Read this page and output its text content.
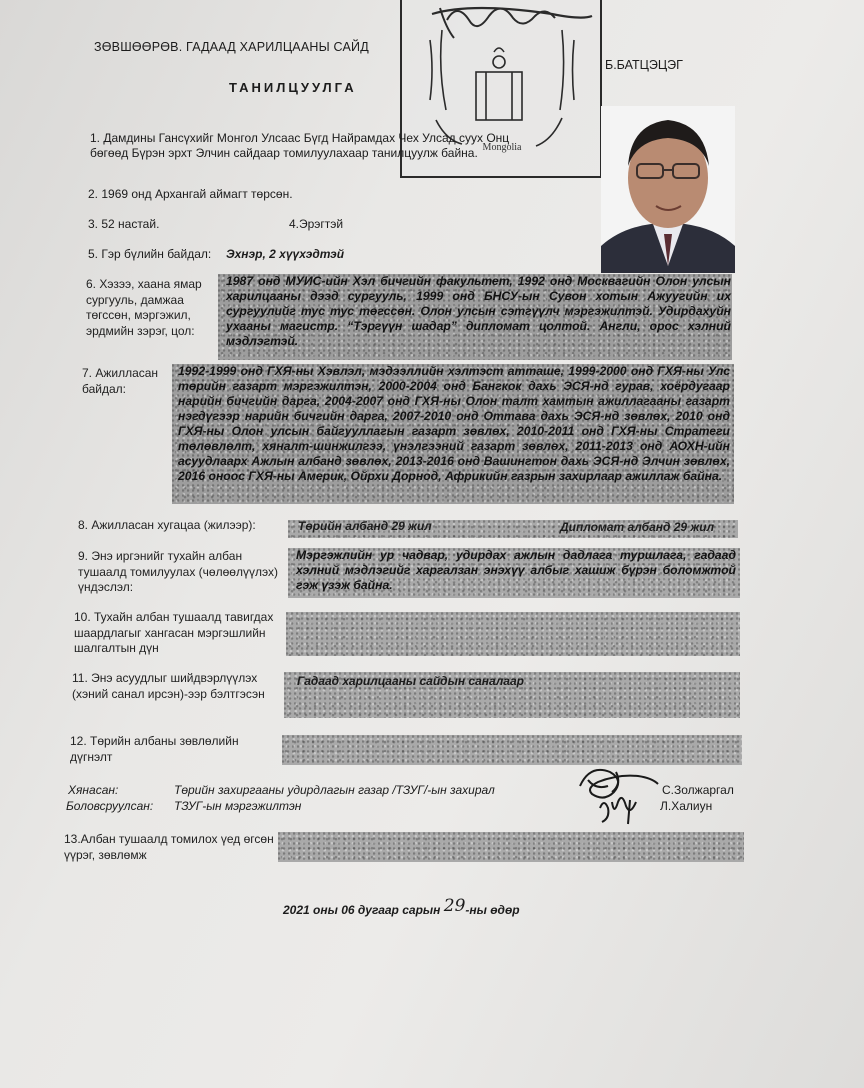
ЗӨВШӨӨРӨВ. ГАДААД ХАРИЛЦААНЫ САЙД
Б.БАТЦЭЦЭГ
ТАНИЛЦУУЛГА
Mongolia
1. Дамдины Гансүхийг Монгол Улсаас Бүгд Найрамдах Чех Улсад суух Онц бөгөөд Бүрэн эрхт Элчин сайдаар томилуулахаар танилцуулж байна.
2. 1969 онд Архангай аймагт төрсөн.
3. 52 настай.	4.Эрэгтэй
5. Гэр бүлийн байдал: Эхнэр, 2 хүүхэдтэй
6. Хэзээ, хаана ямар сургууль, дамжаа төгссөн, мэргэжил, эрдмийн зэрэг, цол:

1987 онд МУИС-ийн Хэл бичгийн факультет, 1992 онд Москвагийн Олон улсын харилцааны дээд сургууль, 1999 онд БНСУ-ын Сувон хотын Ажуугийн их сургуулийг тус тус төгссөн. Олон улсын сэтгүүлч мэргэжилтэй. Удирдахуйн ухааны магистр. “Тэргүүн шадар” дипломат цолтой. Англи, орос хэлний мэдлэгтэй.

7. Ажилласан байдал:

1992-1999 онд ГХЯ-ны Хэвлэл, мэдээллийн хэлтэст атташе, 1999-2000 онд ГХЯ-ны Улс төрийн газарт мэргэжилтэн, 2000-2004 онд Бангкок дахь ЭСЯ-нд гурав, хоёрдугаар нарийн бичгийн дарга, 2004-2007 онд ГХЯ-ны Олон талт хамтын ажиллагааны газарт нэгдүгээр нарийн бичгийн дарга, 2007-2010 онд Оттава дахь ЭСЯ-нд зөвлөх, 2010 онд ГХЯ-ны Олон улсын байгууллагын газарт зөвлөх, 2010-2011 онд ГХЯ-ны Стратеги төлөвлөлт, хяналт-шинжилгээ, үнэлгээний газарт зөвлөх, 2011-2013 онд АОХН-ийн асуудлаарх Ажлын албанд зөвлөх, 2013-2016 онд Вашингтон дахь ЭСЯ-нд Элчин зөвлөх, 2016 оноос ГХЯ-ны Америк, Ойрхи Дорнод, Африкийн газрын захирлаар ажиллаж байна.

8. Ажилласан хугацаа (жилээр):	Төрийн албанд 29 жил	Дипломат албанд 29 жил
9. Энэ иргэнийг тухайн албан тушаалд томилуулах (чөлөөлүүлэх) үндэслэл:

Мэргэжлийн ур чадвар, удирдах ажлын дадлага туршлага, гадаад хэлний мэдлэгийг харгалзан энэхүү албыг хашиж бүрэн боломжтой гэж үзэж байна.

10. Тухайн албан тушаалд тавигдах шаардлагыг хангасан мэргэшлийн шалгалтын дүн
11. Энэ асуудлыг шийдвэрлүүлэх (хэний санал ирсэн)-ээр бэлтгэсэн
Гадаад харилцааны сайдын саналаар
12. Төрийн албаны зөвлөлийн дүгнэлт
Хянасан:	Төрийн захиргааны удирдлагын газар /ТЗУГ/-ын захирал
Боловсруулсан: ТЗУГ-ын мэргэжилтэн
С.Золжаргал
Л.Халиун
13.Албан тушаалд томилох үед өгсөн үүрэг, зөвлөмж
2021 оны 06 дугаар сарын 29-ны өдөр
